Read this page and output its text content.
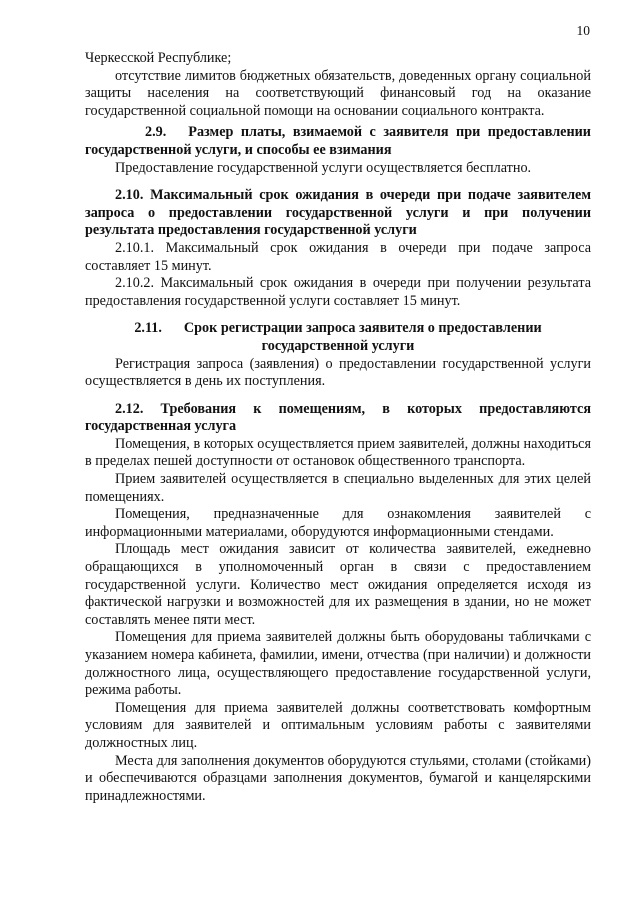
10

Черкесской Республике;

отсутствие лимитов бюджетных обязательств, доведенных органу социальной защиты населения на соответствующий финансовый год на оказание государственной социальной помощи на основании социального контракта.

2.9. Размер платы, взимаемой с заявителя при предоставлении государственной услуги, и способы ее взимания

Предоставление государственной услуги осуществляется бесплатно.

2.10. Максимальный срок ожидания в очереди при подаче заявителем запроса о предоставлении государственной услуги и при получении результата предоставления государственной услуги

2.10.1. Максимальный срок ожидания в очереди при подаче запроса составляет 15 минут.

2.10.2. Максимальный срок ожидания в очереди при получении результата предоставления государственной услуги составляет 15 минут.

2.11. Срок регистрации запроса заявителя о предоставлении

государственной услуги

Регистрация запроса (заявления) о предоставлении государственной услуги осуществляется в день их поступления.

2.12. Требования к помещениям, в которых предоставляются государственная услуга

Помещения, в которых осуществляется прием заявителей, должны находиться в пределах пешей доступности от остановок общественного транспорта.

Прием заявителей осуществляется в специально выделенных для этих целей помещениях.

Помещения, предназначенные для ознакомления заявителей с информационными материалами, оборудуются информационными стендами.

Площадь мест ожидания зависит от количества заявителей, ежедневно обращающихся в уполномоченный орган в связи с предоставлением государственной услуги. Количество мест ожидания определяется исходя из фактической нагрузки и возможностей для их размещения в здании, но не может составлять менее пяти мест.

Помещения для приема заявителей должны быть оборудованы табличками с указанием номера кабинета, фамилии, имени, отчества (при наличии) и должности должностного лица, осуществляющего предоставление государственной услуги, режима работы.

Помещения для приема заявителей должны соответствовать комфортным условиям для заявителей и оптимальным условиям работы с заявителями должностных лиц.

Места для заполнения документов оборудуются стульями, столами (стойками) и обеспечиваются образцами заполнения документов, бумагой и канцелярскими принадлежностями.
